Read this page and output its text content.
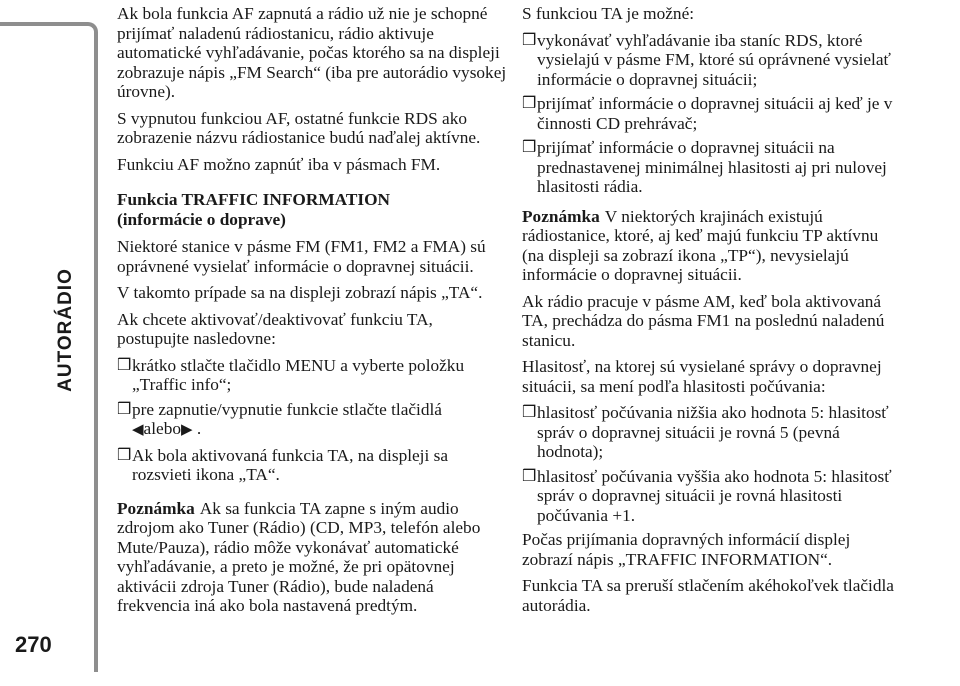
AUTORÁDIO
270

Ak bola funkcia AF zapnutá a rádio už nie je schopné prijímať naladenú rádiostanicu, rádio aktivuje automatické vyhľadávanie, počas ktorého sa na displeji zobrazuje nápis „FM Search“ (iba pre autorádio vysokej úrovne).

S vypnutou funkciou AF, ostatné funkcie RDS ako zobrazenie názvu rádiostanice budú naďalej aktívne.

Funkciu AF možno zapnúť iba v pásmach FM.

Funkcia TRAFFIC INFORMATION
(informácie o doprave)

Niektoré stanice v pásme FM (FM1, FM2 a FMA) sú oprávnené vysielať informácie o dopravnej situácii.

V takomto prípade sa na displeji zobrazí nápis „TA“.

Ak chcete aktivovať/deaktivovať funkciu TA, postupujte nasledovne:

❒ krátko stlačte tlačidlo MENU a vyberte položku „Traffic info“;
❒ pre zapnutie/vypnutie funkcie stlačte tlačidlá
◀alebo▶ .
❒ Ak bola aktivovaná funkcia TA, na displeji sa rozsvieti ikona „TA“.

Poznámka Ak sa funkcia TA zapne s iným audio zdrojom ako Tuner (Rádio) (CD, MP3, telefón alebo Mute/Pauza), rádio môže vykonávať automatické vyhľadávanie, a preto je možné, že pri opätovnej aktivácii zdroja Tuner (Rádio), bude naladená frekvencia iná ako bola nastavená predtým.

S funkciou TA je možné:

❒ vykonávať vyhľadávanie iba staníc RDS, ktoré vysielajú v pásme FM, ktoré sú oprávnené vysielať informácie o dopravnej situácii;
❒ prijímať informácie o dopravnej situácii aj keď je v činnosti CD prehrávač;
❒ prijímať informácie o dopravnej situácii na prednastavenej minimálnej hlasitosti aj pri nulovej hlasitosti rádia.

Poznámka V niektorých krajinách existujú rádiostanice, ktoré, aj keď majú funkciu TP aktívnu (na displeji sa zobrazí ikona „TP“), nevysielajú informácie o dopravnej situácii.

Ak rádio pracuje v pásme AM, keď bola aktivovaná TA, prechádza do pásma FM1 na poslednú naladenú stanicu.

Hlasitosť, na ktorej sú vysielané správy o dopravnej situácii, sa mení podľa hlasitosti počúvania:

❒ hlasitosť počúvania nižšia ako hodnota 5: hlasitosť správ o dopravnej situácii je rovná 5 (pevná hodnota);
❒ hlasitosť počúvania vyššia ako hodnota 5: hlasitosť správ o dopravnej situácii je rovná hlasitosti počúvania +1.

Počas prijímania dopravných informácií displej zobrazí nápis „TRAFFIC INFORMATION“.

Funkcia TA sa preruší stlačením akéhokoľvek tlačidla autorádia.
